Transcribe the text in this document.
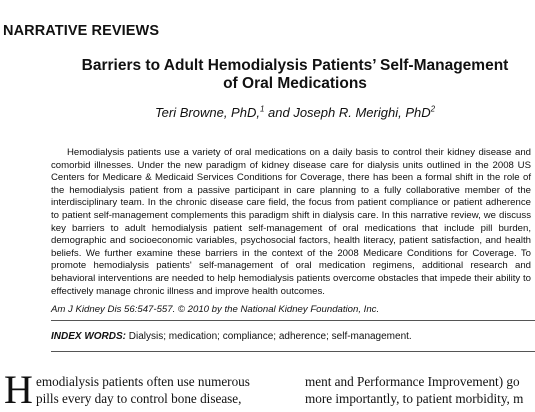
NARRATIVE REVIEWS
Barriers to Adult Hemodialysis Patients’ Self-Management
of Oral Medications
Teri Browne, PhD,$^1$ and Joseph R. Merighi, PhD$^2$

Hemodialysis patients use a variety of oral medications on a daily basis to control their kidney disease and comorbid illnesses. Under the new paradigm of kidney disease care for dialysis units outlined in the 2008 US Centers for Medicare & Medicaid Services Conditions for Coverage, there has been a formal shift in the role of the hemodialysis patient from a passive participant in care planning to a fully collaborative member of the interdisciplinary team. In the chronic disease care field, the focus from patient compliance or patient adherence to patient self-management complements this paradigm shift in dialysis care. In this narrative review, we discuss key barriers to adult hemodialysis patient self-management of oral medications that include pill burden, demographic and socioeconomic variables, psychosocial factors, health literacy, patient satisfaction, and health beliefs. We further examine these barriers in the context of the 2008 Medicare Conditions for Coverage. To promote hemodialysis patients' self-management of oral medication regimens, additional research and behavioral interventions are needed to help hemodialysis patients overcome obstacles that impede their ability to effectively manage chronic illness and improve health outcomes.

Am J Kidney Dis 56:547-557. © 2010 by the National Kidney Foundation, Inc.
INDEX WORDS: Dialysis; medication; compliance; adherence; self-management.
H emodialysis patients often use numerous
pills every day to control bone disease,
ment and Performance Improvement) go
more importantly, to patient morbidity, m
